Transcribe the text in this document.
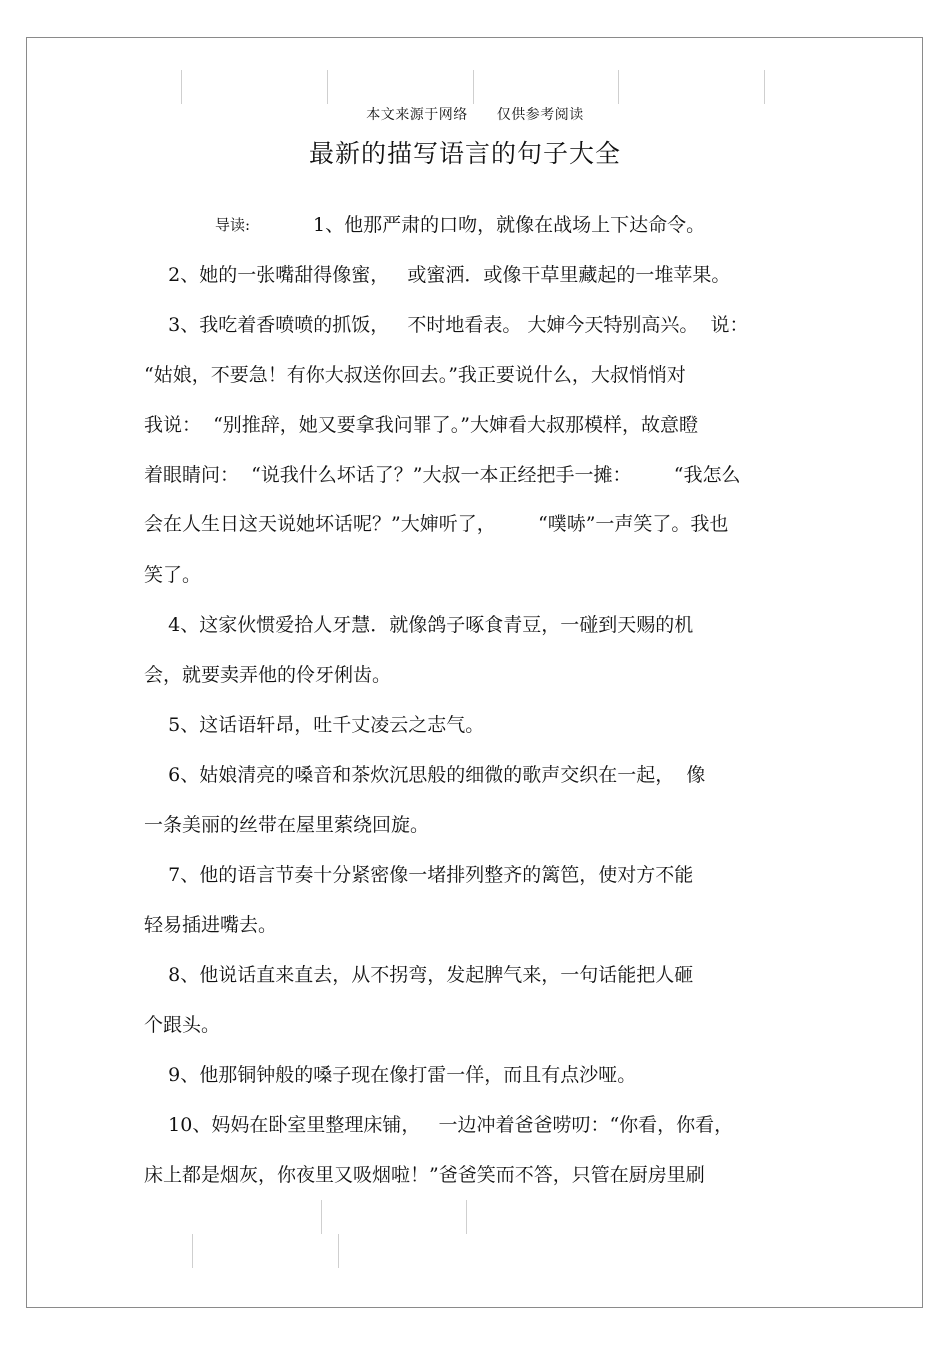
本文来源于网络 仅供参考阅读
最新的描写语言的句子大全
导读:	1、他那严肃的口吻，就像在战场上下达命令。
2、她的一张嘴甜得像蜜，   或蜜洒．或像干草里藏起的一堆苹果。
3、我吃着香喷喷的抓饭，   不时地看表。 大婶今天特别高兴。  说：
“姑娘，不要急！有你大叔送你回去。”我正要说什么，大叔悄悄对
我说：  “别推辞，她又要拿我问罪了。”大婶看大叔那模样，故意瞪
着眼睛问：  “说我什么坏话了？”大叔一本正经把手一摊：       “我怎么
会在人生日这天说她坏话呢？”大婶听了，       “噗哧”一声笑了。我也
笑了。
4、这家伙惯爱拾人牙慧．就像鸽子啄食青豆，一碰到天赐的机
会，就要卖弄他的伶牙俐齿。
5、这话语轩昂，吐千丈凌云之志气。
6、姑娘清亮的嗓音和茶炊沉思般的细微的歌声交织在一起，  像
一条美丽的丝带在屋里萦绕回旋。
7、他的语言节奏十分紧密像一堵排列整齐的篱笆，使对方不能
轻易插进嘴去。
8、他说话直来直去，从不拐弯，发起脾气来，一句话能把人砸
个跟头。
9、他那铜钟般的嗓子现在像打雷一佯，而且有点沙哑。
10、妈妈在卧室里整理床铺，   一边冲着爸爸唠叨：“你看，你看，
床上都是烟灰，你夜里又吸烟啦！”爸爸笑而不答，只管在厨房里刷
